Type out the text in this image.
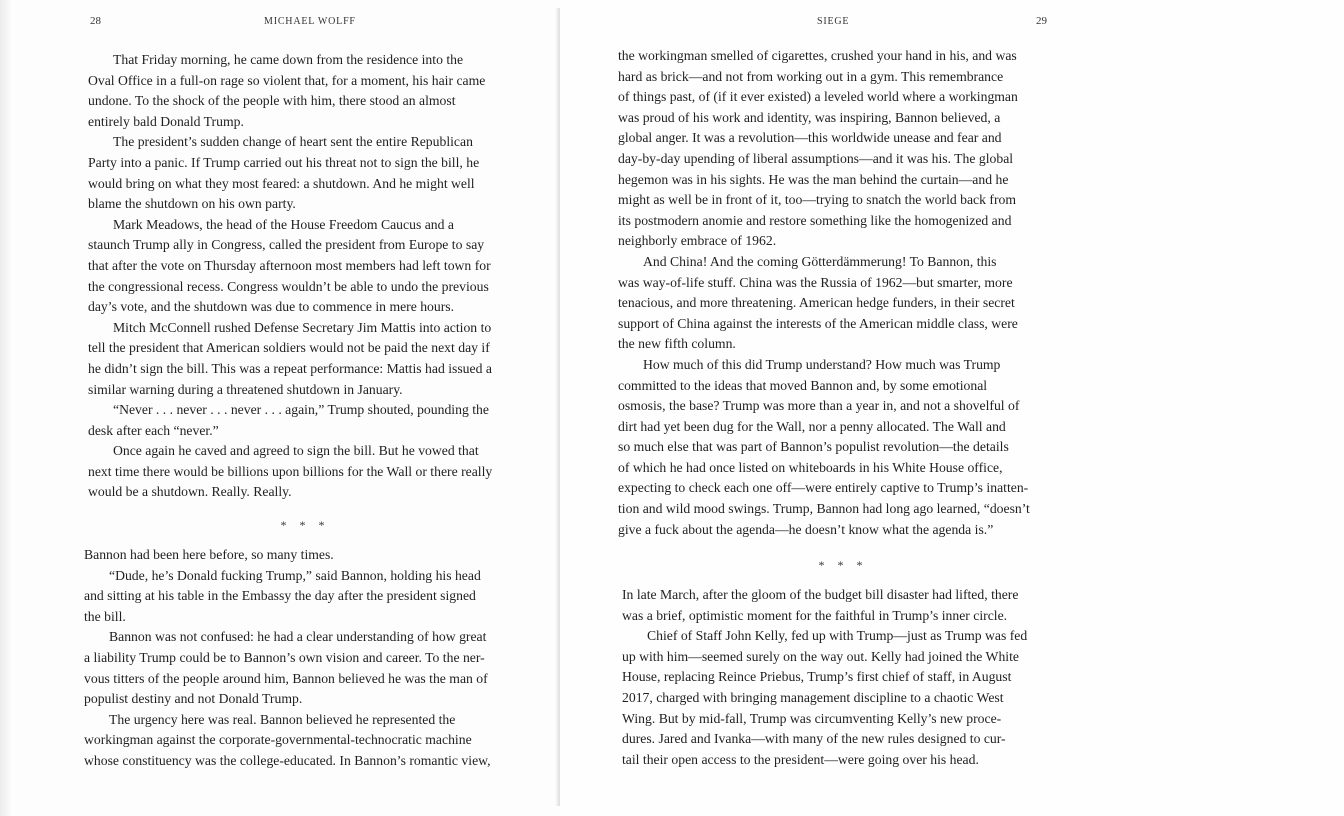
28	MICHAEL WOLFF
That Friday morning, he came down from the residence into the
Oval Office in a full-on rage so violent that, for a moment, his hair came
undone. To the shock of the people with him, there stood an almost
entirely bald Donald Trump.
The president’s sudden change of heart sent the entire Republican
Party into a panic. If Trump carried out his threat not to sign the bill, he
would bring on what they most feared: a shutdown. And he might well
blame the shutdown on his own party.
Mark Meadows, the head of the House Freedom Caucus and a
staunch Trump ally in Congress, called the president from Europe to say
that after the vote on Thursday afternoon most members had left town for
the congressional recess. Congress wouldn’t be able to undo the previous
day’s vote, and the shutdown was due to commence in mere hours.
Mitch McConnell rushed Defense Secretary Jim Mattis into action to
tell the president that American soldiers would not be paid the next day if
he didn’t sign the bill. This was a repeat performance: Mattis had issued a
similar warning during a threatened shutdown in January.
“Never . . . never . . . never . . . again,” Trump shouted, pounding the
desk after each “never.”
Once again he caved and agreed to sign the bill. But he vowed that
next time there would be billions upon billions for the Wall or there really
would be a shutdown. Really. Really.
* * *
Bannon had been here before, so many times.
“Dude, he’s Donald fucking Trump,” said Bannon, holding his head
and sitting at his table in the Embassy the day after the president signed
the bill.
Bannon was not confused: he had a clear understanding of how great
a liability Trump could be to Bannon’s own vision and career. To the ner-
vous titters of the people around him, Bannon believed he was the man of
populist destiny and not Donald Trump.
The urgency here was real. Bannon believed he represented the
workingman against the corporate-governmental-technocratic machine
whose constituency was the college-educated. In Bannon’s romantic view,
SIEGE	29
the workingman smelled of cigarettes, crushed your hand in his, and was
hard as brick—and not from working out in a gym. This remembrance
of things past, of (if it ever existed) a leveled world where a workingman
was proud of his work and identity, was inspiring, Bannon believed, a
global anger. It was a revolution—this worldwide unease and fear and
day-by-day upending of liberal assumptions—and it was his. The global
hegemon was in his sights. He was the man behind the curtain—and he
might as well be in front of it, too—trying to snatch the world back from
its postmodern anomie and restore something like the homogenized and
neighborly embrace of 1962.
And China! And the coming Götterdämmerung! To Bannon, this
was way-of-life stuff. China was the Russia of 1962—but smarter, more
tenacious, and more threatening. American hedge funders, in their secret
support of China against the interests of the American middle class, were
the new fifth column.
How much of this did Trump understand? How much was Trump
committed to the ideas that moved Bannon and, by some emotional
osmosis, the base? Trump was more than a year in, and not a shovelful of
dirt had yet been dug for the Wall, nor a penny allocated. The Wall and
so much else that was part of Bannon’s populist revolution—the details
of which he had once listed on whiteboards in his White House office,
expecting to check each one off—were entirely captive to Trump’s inatten-
tion and wild mood swings. Trump, Bannon had long ago learned, “doesn’t
give a fuck about the agenda—he doesn’t know what the agenda is.”
* * *
In late March, after the gloom of the budget bill disaster had lifted, there
was a brief, optimistic moment for the faithful in Trump’s inner circle.
Chief of Staff John Kelly, fed up with Trump—just as Trump was fed
up with him—seemed surely on the way out. Kelly had joined the White
House, replacing Reince Priebus, Trump’s first chief of staff, in August
2017, charged with bringing management discipline to a chaotic West
Wing. But by mid-fall, Trump was circumventing Kelly’s new proce-
dures. Jared and Ivanka—with many of the new rules designed to cur-
tail their open access to the president—were going over his head.
